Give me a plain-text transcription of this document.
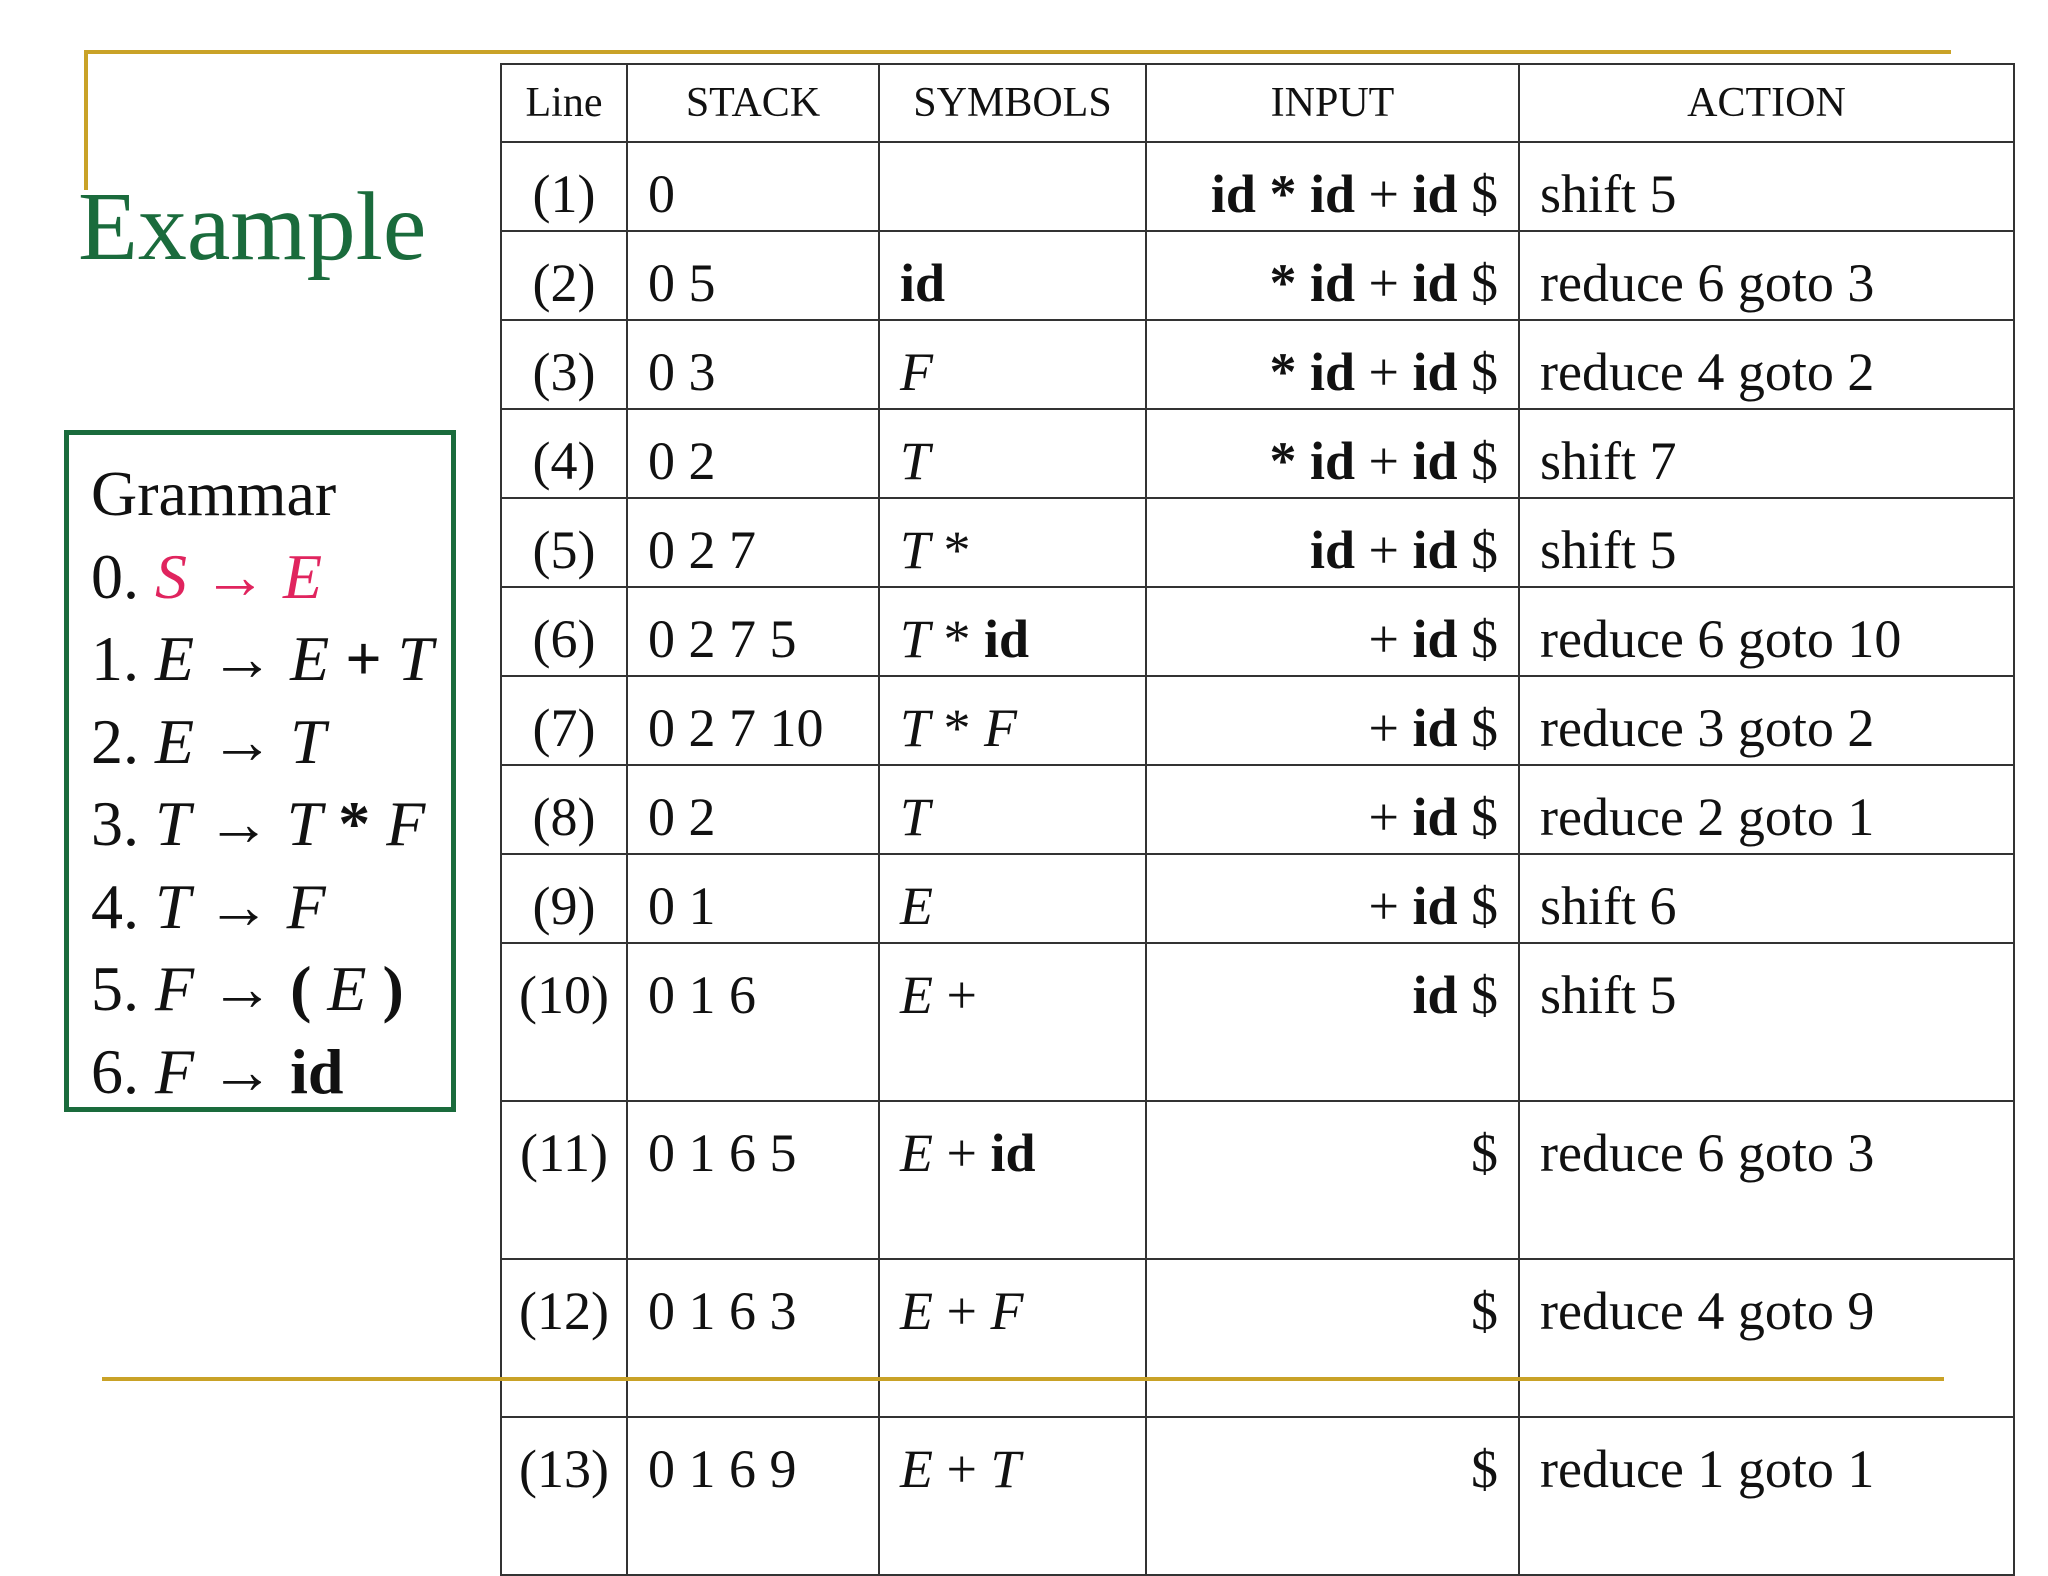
Example
Grammar
0. S → E
1. E → E + T
2. E → T
3. T → T * F
4. T → F
5. F → ( E )
6. F → id
Line	STACK	SYMBOLS	INPUT	ACTION
(1)	0		id * id + id $	shift 5
(2)	0 5	id	* id + id $	reduce 6 goto 3
(3)	0 3	F	* id + id $	reduce 4 goto 2
(4)	0 2	T	* id + id $	shift 7
(5)	0 2 7	T *	id + id $	shift 5
(6)	0 2 7 5	T * id	+ id $	reduce 6 goto 10
(7)	0 2 7 10	T * F	+ id $	reduce 3 goto 2
(8)	0 2	T	+ id $	reduce 2 goto 1
(9)	0 1	E	+ id $	shift 6
(10)	0 1 6	E +	id $	shift 5
(11)	0 1 6 5	E + id	$	reduce 6 goto 3
(12)	0 1 6 3	E + F	$	reduce 4 goto 9
(13)	0 1 6 9	E + T	$	reduce 1 goto 1
